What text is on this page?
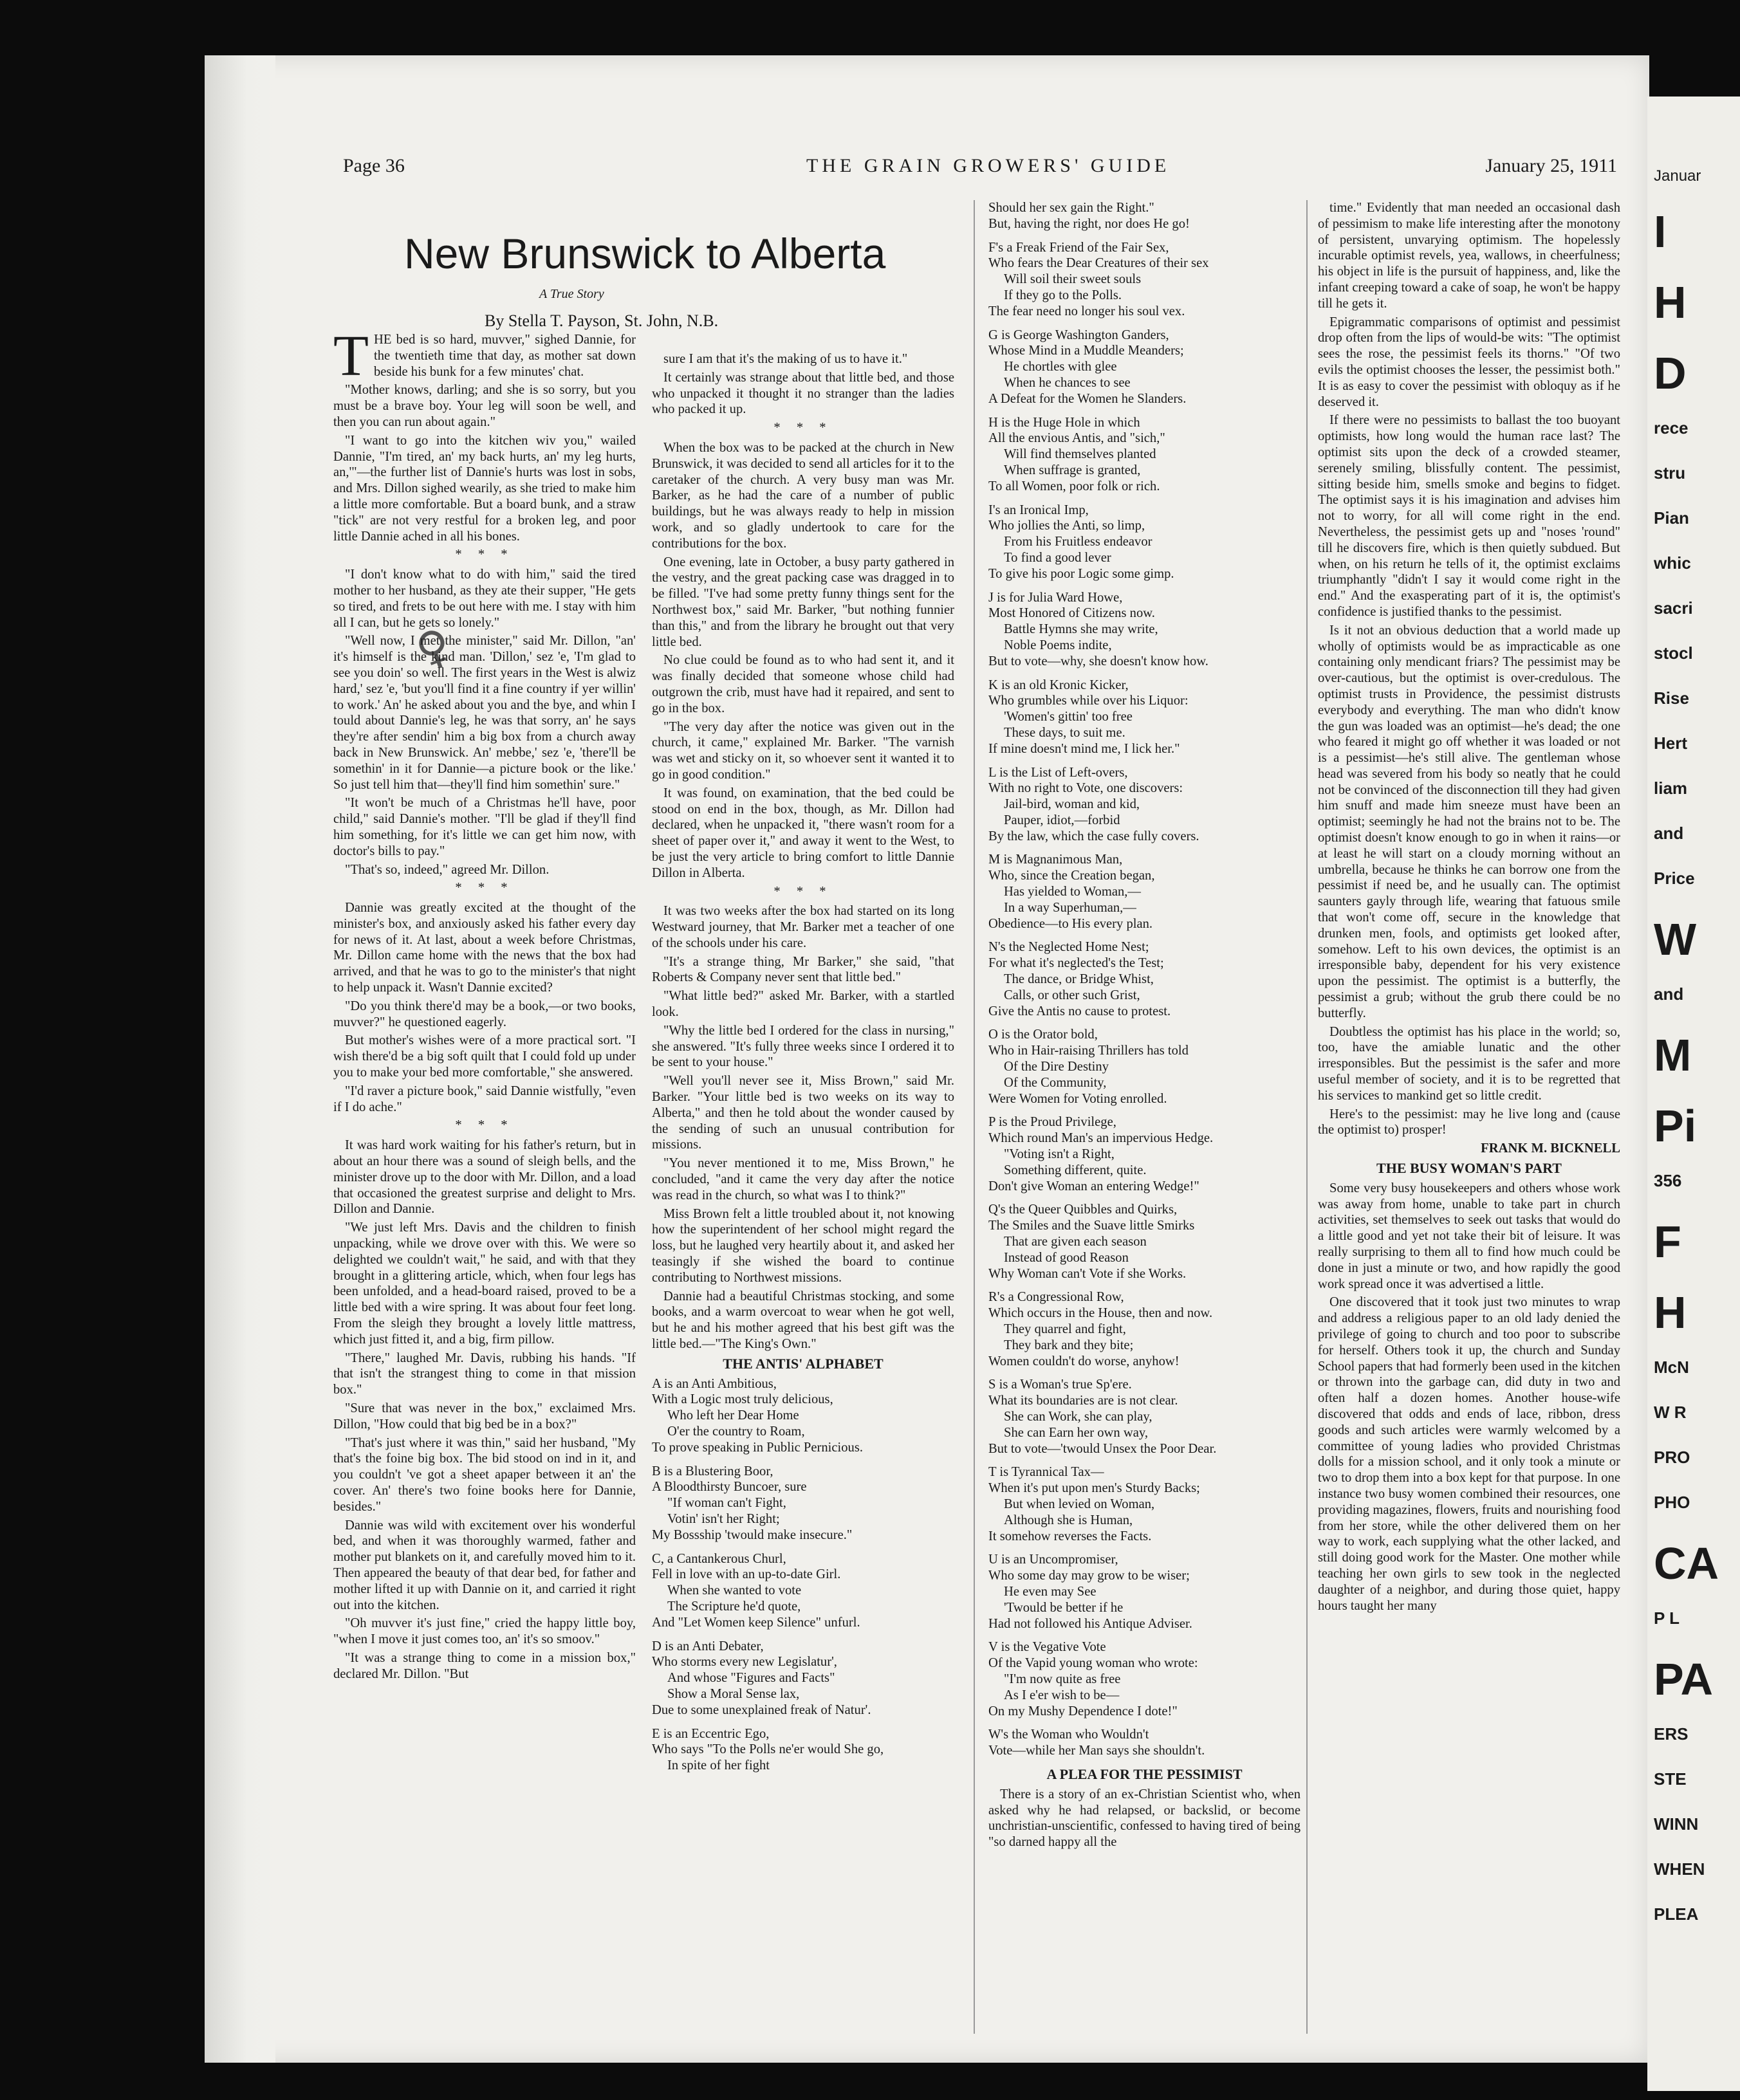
Page 36	THE GRAIN GROWERS' GUIDE	January 25, 1911
New Brunswick to Alberta
A True Story
By Stella T. Payson, St. John, N.B.
♀

THE bed is so hard, muvver," sighed Dannie, for the twentieth time that day, as mother sat down beside his bunk for a few minutes' chat.

"Mother knows, darling; and she is so sorry, but you must be a brave boy. Your leg will soon be well, and then you can run about again."

"I want to go into the kitchen wiv you," wailed Dannie, "I'm tired, an' my back hurts, an' my leg hurts, an,'"—the further list of Dannie's hurts was lost in sobs, and Mrs. Dillon sighed wearily, as she tried to make him a little more comfortable. But a board bunk, and a straw "tick" are not very restful for a broken leg, and poor little Dannie ached in all his bones.

* * *

"I don't know what to do with him," said the tired mother to her husband, as they ate their supper, "He gets so tired, and frets to be out here with me. I stay with him all I can, but he gets so lonely."

"Well now, I met the minister," said Mr. Dillon, "an' it's himself is the kind man. 'Dillon,' sez 'e, 'I'm glad to see you doin' so well. The first years in the West is alwiz hard,' sez 'e, 'but you'll find it a fine country if yer willin' to work.' An' he asked about you and the bye, and whin I tould about Dannie's leg, he was that sorry, an' he says they're after sendin' him a big box from a church away back in New Brunswick. An' mebbe,' sez 'e, 'there'll be somethin' in it for Dannie—a picture book or the like.' So just tell him that—they'll find him somethin' sure."

"It won't be much of a Christmas he'll have, poor child," said Dannie's mother. "I'll be glad if they'll find him something, for it's little we can get him now, with doctor's bills to pay."

"That's so, indeed," agreed Mr. Dillon.

* * *

Dannie was greatly excited at the thought of the minister's box, and anxiously asked his father every day for news of it. At last, about a week before Christmas, Mr. Dillon came home with the news that the box had arrived, and that he was to go to the minister's that night to help unpack it. Wasn't Dannie excited?

"Do you think there'd may be a book,—or two books, muvver?" he questioned eagerly.

But mother's wishes were of a more practical sort. "I wish there'd be a big soft quilt that I could fold up under you to make your bed more comfortable," she answered.

"I'd raver a picture book," said Dannie wistfully, "even if I do ache."

* * *

It was hard work waiting for his father's return, but in about an hour there was a sound of sleigh bells, and the minister drove up to the door with Mr. Dillon, and a load that occasioned the greatest surprise and delight to Mrs. Dillon and Dannie.

"We just left Mrs. Davis and the children to finish unpacking, while we drove over with this. We were so delighted we couldn't wait," he said, and with that they brought in a glittering article, which, when four legs has been unfolded, and a head-board raised, proved to be a little bed with a wire spring. It was about four feet long. From the sleigh they brought a lovely little mattress, which just fitted it, and a big, firm pillow.

"There," laughed Mr. Davis, rubbing his hands. "If that isn't the strangest thing to come in that mission box."

"Sure that was never in the box," exclaimed Mrs. Dillon, "How could that big bed be in a box?"

"That's just where it was thin," said her husband, "My that's the foine big box. The bid stood on ind in it, and you couldn't 've got a sheet apaper between it an' the cover. An' there's two foine books here for Dannie, besides."

Dannie was wild with excitement over his wonderful bed, and when it was thoroughly warmed, father and mother put blankets on it, and carefully moved him to it. Then appeared the beauty of that dear bed, for father and mother lifted it up with Dannie on it, and carried it right out into the kitchen.

"Oh muvver it's just fine," cried the happy little boy, "when I move it just comes too, an' it's so smoov."

"It was a strange thing to come in a mission box," declared Mr. Dillon. "But

sure I am that it's the making of us to have it."

It certainly was strange about that little bed, and those who unpacked it thought it no stranger than the ladies who packed it up.

* * *

When the box was to be packed at the church in New Brunswick, it was decided to send all articles for it to the caretaker of the church. A very busy man was Mr. Barker, as he had the care of a number of public buildings, but he was always ready to help in mission work, and so gladly undertook to care for the contributions for the box.

One evening, late in October, a busy party gathered in the vestry, and the great packing case was dragged in to be filled. "I've had some pretty funny things sent for the Northwest box," said Mr. Barker, "but nothing funnier than this," and from the library he brought out that very little bed.

No clue could be found as to who had sent it, and it was finally decided that someone whose child had outgrown the crib, must have had it repaired, and sent to go in the box.

"The very day after the notice was given out in the church, it came," explained Mr. Barker. "The varnish was wet and sticky on it, so whoever sent it wanted it to go in good condition."

It was found, on examination, that the bed could be stood on end in the box, though, as Mr. Dillon had declared, when he unpacked it, "there wasn't room for a sheet of paper over it," and away it went to the West, to be just the very article to bring comfort to little Dannie Dillon in Alberta.

* * *

It was two weeks after the box had started on its long Westward journey, that Mr. Barker met a teacher of one of the schools under his care.

"It's a strange thing, Mr Barker," she said, "that Roberts & Company never sent that little bed."

"What little bed?" asked Mr. Barker, with a startled look.

"Why the little bed I ordered for the class in nursing," she answered. "It's fully three weeks since I ordered it to be sent to your house."

"Well you'll never see it, Miss Brown," said Mr. Barker. "Your little bed is two weeks on its way to Alberta," and then he told about the wonder caused by the sending of such an unusual contribution for missions.

"You never mentioned it to me, Miss Brown," he concluded, "and it came the very day after the notice was read in the church, so what was I to think?"

Miss Brown felt a little troubled about it, not knowing how the superintendent of her school might regard the loss, but he laughed very heartily about it, and asked her teasingly if she wished the board to continue contributing to Northwest missions.

Dannie had a beautiful Christmas stocking, and some books, and a warm overcoat to wear when he got well, but he and his mother agreed that his best gift was the little bed.—"The King's Own."

THE ANTIS' ALPHABET
A is an Anti Ambitious,
With a Logic most truly delicious,
Who left her Dear Home
O'er the country to Roam,
To prove speaking in Public Pernicious.
B is a Blustering Boor,
A Bloodthirsty Buncoer, sure
"If woman can't Fight,
Votin' isn't her Right;
My Bossship 'twould make insecure."
C, a Cantankerous Churl,
Fell in love with an up-to-date Girl.
When she wanted to vote
The Scripture he'd quote,
And "Let Women keep Silence" unfurl.
D is an Anti Debater,
Who storms every new Legislatur',
And whose "Figures and Facts"
Show a Moral Sense lax,
Due to some unexplained freak of Natur'.
E is an Eccentric Ego,
Who says "To the Polls ne'er would She go,
In spite of her fight
Should her sex gain the Right."
But, having the right, nor does He go!
F's a Freak Friend of the Fair Sex,
Who fears the Dear Creatures of their sex
Will soil their sweet souls
If they go to the Polls.
The fear need no longer his soul vex.
G is George Washington Ganders,
Whose Mind in a Muddle Meanders;
He chortles with glee
When he chances to see
A Defeat for the Women he Slanders.
H is the Huge Hole in which
All the envious Antis, and "sich,"
Will find themselves planted
When suffrage is granted,
To all Women, poor folk or rich.
I's an Ironical Imp,
Who jollies the Anti, so limp,
From his Fruitless endeavor
To find a good lever
To give his poor Logic some gimp.
J is for Julia Ward Howe,
Most Honored of Citizens now.
Battle Hymns she may write,
Noble Poems indite,
But to vote—why, she doesn't know how.
K is an old Kronic Kicker,
Who grumbles while over his Liquor:
'Women's gittin' too free
These days, to suit me.
If mine doesn't mind me, I lick her."
L is the List of Left-overs,
With no right to Vote, one discovers:
Jail-bird, woman and kid,
Pauper, idiot,—forbid
By the law, which the case fully covers.
M is Magnanimous Man,
Who, since the Creation began,
Has yielded to Woman,—
In a way Superhuman,—
Obedience—to His every plan.
N's the Neglected Home Nest;
For what it's neglected's the Test;
The dance, or Bridge Whist,
Calls, or other such Grist,
Give the Antis no cause to protest.
O is the Orator bold,
Who in Hair-raising Thrillers has told
Of the Dire Destiny
Of the Community,
Were Women for Voting enrolled.
P is the Proud Privilege,
Which round Man's an impervious Hedge.
"Voting isn't a Right,
Something different, quite.
Don't give Woman an entering Wedge!"
Q's the Queer Quibbles and Quirks,
The Smiles and the Suave little Smirks
That are given each season
Instead of good Reason
Why Woman can't Vote if she Works.
R's a Congressional Row,
Which occurs in the House, then and now.
They quarrel and fight,
They bark and they bite;
Women couldn't do worse, anyhow!
S is a Woman's true Sp'ere.
What its boundaries are is not clear.
She can Work, she can play,
She can Earn her own way,
But to vote—'twould Unsex the Poor Dear.
T is Tyrannical Tax—
When it's put upon men's Sturdy Backs;
But when levied on Woman,
Although she is Human,
It somehow reverses the Facts.
U is an Uncompromiser,
Who some day may grow to be wiser;
He even may See
'Twould be better if he
Had not followed his Antique Adviser.
V is the Vegative Vote
Of the Vapid young woman who wrote:
"I'm now quite as free
As I e'er wish to be—
On my Mushy Dependence I dote!"
W's the Woman who Wouldn't
Vote—while her Man says she shouldn't.
A PLEA FOR THE PESSIMIST

There is a story of an ex-Christian Scientist who, when asked why he had relapsed, or backslid, or become unchristian-unscientific, confessed to having tired of being "so darned happy all the

time." Evidently that man needed an occasional dash of pessimism to make life interesting after the monotony of persistent, unvarying optimism. The hopelessly incurable optimist revels, yea, wallows, in cheerfulness; his object in life is the pursuit of happiness, and, like the infant creeping toward a cake of soap, he won't be happy till he gets it.

Epigrammatic comparisons of optimist and pessimist drop often from the lips of would-be wits: "The optimist sees the rose, the pessimist feels its thorns." "Of two evils the optimist chooses the lesser, the pessimist both." It is as easy to cover the pessimist with obloquy as if he deserved it.

If there were no pessimists to ballast the too buoyant optimists, how long would the human race last? The optimist sits upon the deck of a crowded steamer, serenely smiling, blissfully content. The pessimist, sitting beside him, smells smoke and begins to fidget. The optimist says it is his imagination and advises him not to worry, for all will come right in the end. Nevertheless, the pessimist gets up and "noses 'round" till he discovers fire, which is then quietly subdued. But when, on his return he tells of it, the optimist exclaims triumphantly "didn't I say it would come right in the end." And the exasperating part of it is, the optimist's confidence is justified thanks to the pessimist.

Is it not an obvious deduction that a world made up wholly of optimists would be as impracticable as one containing only mendicant friars? The pessimist may be over-cautious, but the optimist is over-credulous. The optimist trusts in Providence, the pessimist distrusts everybody and everything. The man who didn't know the gun was loaded was an optimist—he's dead; the one who feared it might go off whether it was loaded or not is a pessimist—he's still alive. The gentleman whose head was severed from his body so neatly that he could not be convinced of the disconnection till they had given him snuff and made him sneeze must have been an optimist; seemingly he had not the brains not to be. The optimist doesn't know enough to go in when it rains—or at least he will start on a cloudy morning without an umbrella, because he thinks he can borrow one from the pessimist if need be, and he usually can. The optimist saunters gayly through life, wearing that fatuous smile that won't come off, secure in the knowledge that drunken men, fools, and optimists get looked after, somehow. Left to his own devices, the optimist is an irresponsible baby, dependent for his very existence upon the pessimist. The optimist is a butterfly, the pessimist a grub; without the grub there could be no butterfly.

Doubtless the optimist has his place in the world; so, too, have the amiable lunatic and the other irresponsibles. But the pessimist is the safer and more useful member of society, and it is to be regretted that his services to mankind get so little credit.

Here's to the pessimist: may he live long and (cause the optimist to) prosper!

FRANK M. BICKNELL
THE BUSY WOMAN'S PART

Some very busy housekeepers and others whose work was away from home, unable to take part in church activities, set themselves to seek out tasks that would do a little good and yet not take their bit of leisure. It was really surprising to them all to find how much could be done in just a minute or two, and how rapidly the good work spread once it was advertised a little.

One discovered that it took just two minutes to wrap and address a religious paper to an old lady denied the privilege of going to church and too poor to subscribe for herself. Others took it up, the church and Sunday School papers that had formerly been used in the kitchen or thrown into the garbage can, did duty in two and often half a dozen homes. Another house-wife discovered that odds and ends of lace, ribbon, dress goods and such articles were warmly welcomed by a committee of young ladies who provided Christmas dolls for a mission school, and it only took a minute or two to drop them into a box kept for that purpose. In one instance two busy women combined their resources, one providing magazines, flowers, fruits and nourishing food from her store, while the other delivered them on her way to work, each supplying what the other lacked, and still doing good work for the Master. One mother while teaching her own girls to sew took in the neglected daughter of a neighbor, and during those quiet, happy hours taught her many

Januar
I
H
D
rece
stru
Pian
whic
sacri
stocl
Rise
Hert
liam
and
Price
W
and
M
Pi
356
F
H
McN
W R
PRO
PHO
CA
P L
PA
ERS
STE
WINN
WHEN
PLEA
